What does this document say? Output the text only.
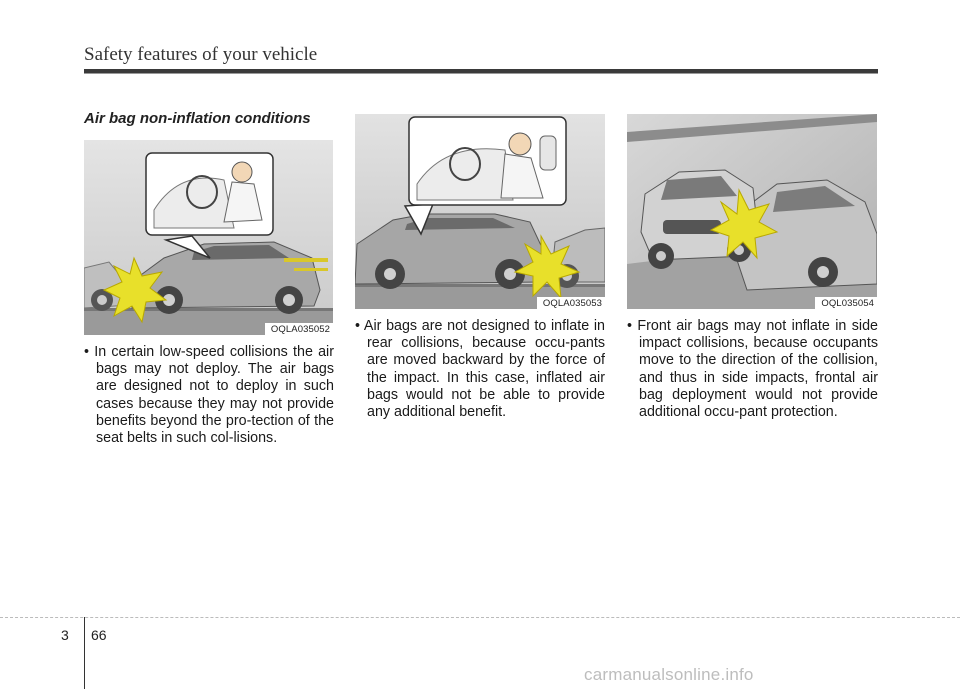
Safety features of your vehicle
Air bag non-inflation conditions
OQLA035052
OQLA035053	OQL035054
• In certain low-speed collisions the air bags may not deploy. The air bags are designed not to deploy in such cases because they may not provide benefits beyond the pro-tection of the seat belts in such col-lisions.
• Air bags are not designed to inflate in rear collisions, because occu-pants are moved backward by the force of the impact. In this case, inflated air bags would not be able to provide any additional benefit.
• Front air bags may not inflate in side impact collisions, because occupants move to the direction of the collision, and thus in side impacts, frontal air bag deployment would not provide additional occu-pant protection.
3 66
carmanualsonline.info
